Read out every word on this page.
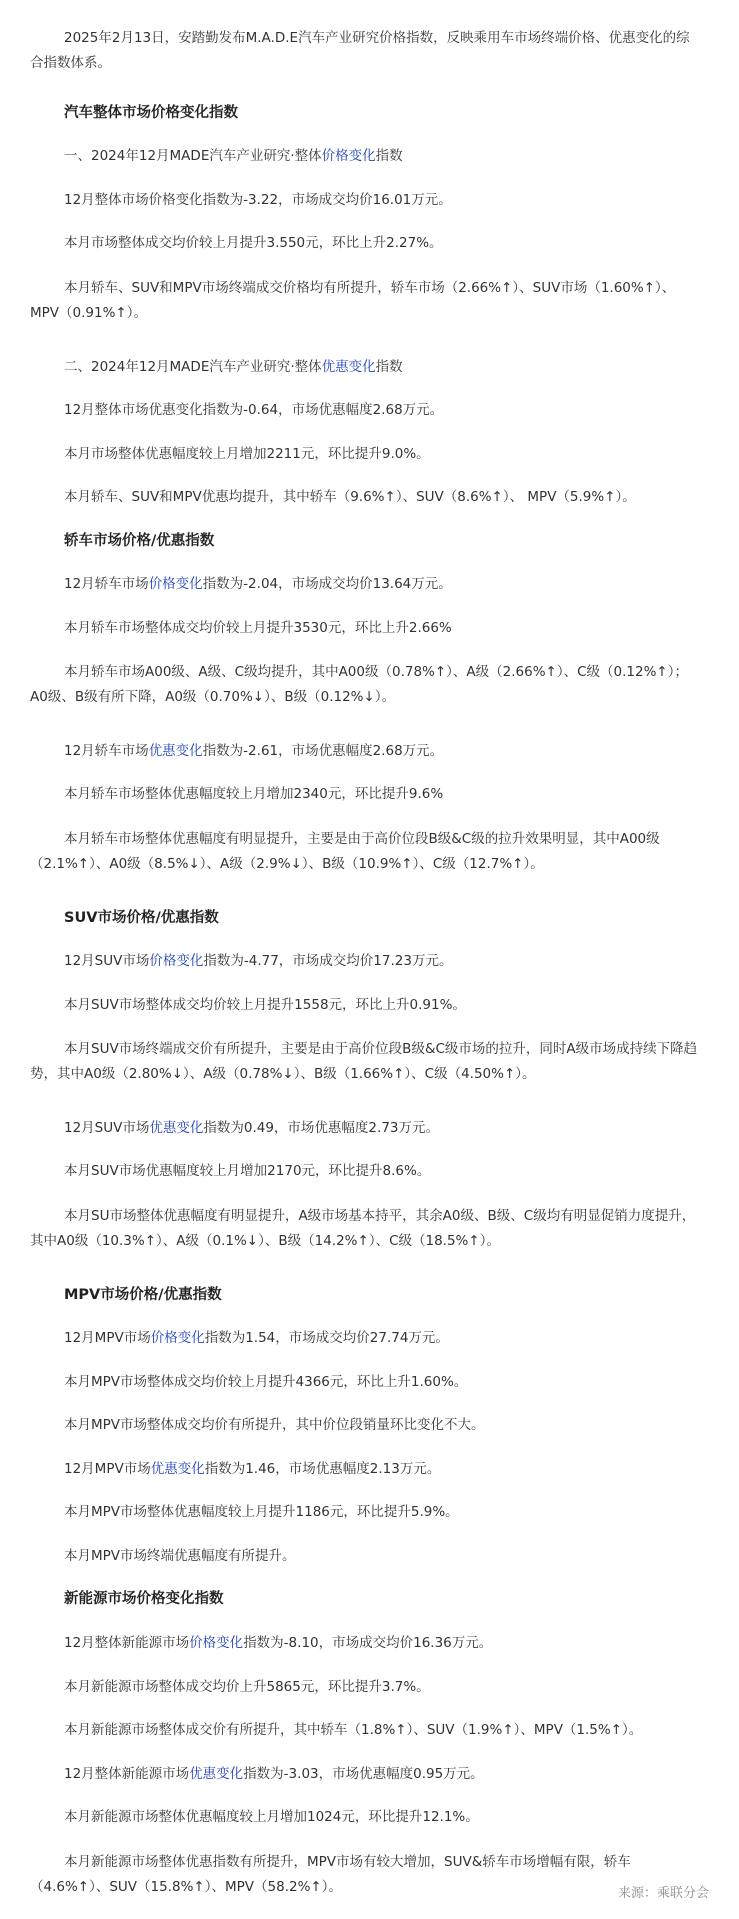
2025年2月13日，安踏勤发布M.A.D.E汽车产业研究价格指数，反映乘用车市场终端价格、优惠变化的综合指数体系。

汽车整体市场价格变化指数

一、2024年12月MADE汽车产业研究·整体价格变化指数

12月整体市场价格变化指数为-3.22，市场成交均价16.01万元。

本月市场整体成交均价较上月提升3.550元，环比上升2.27%。

本月轿车、SUV和MPV市场终端成交价格均有所提升，轿车市场（2.66%↑）、SUV市场（1.60%↑）、MPV（0.91%↑）。

二、2024年12月MADE汽车产业研究·整体优惠变化指数

12月整体市场优惠变化指数为-0.64，市场优惠幅度2.68万元。

本月市场整体优惠幅度较上月增加2211元，环比提升9.0%。

本月轿车、SUV和MPV优惠均提升，其中轿车（9.6%↑）、SUV（8.6%↑）、 MPV（5.9%↑）。

轿车市场价格/优惠指数

12月轿车市场价格变化指数为-2.04，市场成交均价13.64万元。

本月轿车市场整体成交均价较上月提升3530元，环比上升2.66%

本月轿车市场A00级、A级、C级均提升，其中A00级（0.78%↑）、A级（2.66%↑）、C级（0.12%↑）；A0级、B级有所下降，A0级（0.70%↓）、B级（0.12%↓）。

12月轿车市场优惠变化指数为-2.61，市场优惠幅度2.68万元。

本月轿车市场整体优惠幅度较上月增加2340元，环比提升9.6%

本月轿车市场整体优惠幅度有明显提升，主要是由于高价位段B级&C级的拉升效果明显，其中A00级（2.1%↑）、A0级（8.5%↓）、A级（2.9%↓）、B级（10.9%↑）、C级（12.7%↑）。

SUV市场价格/优惠指数

12月SUV市场价格变化指数为-4.77，市场成交均价17.23万元。

本月SUV市场整体成交均价较上月提升1558元，环比上升0.91%。

本月SUV市场终端成交价有所提升，主要是由于高价位段B级&C级市场的拉升，同时A级市场成持续下降趋势，其中A0级（2.80%↓）、A级（0.78%↓）、B级（1.66%↑）、C级（4.50%↑）。

12月SUV市场优惠变化指数为0.49，市场优惠幅度2.73万元。

本月SUV市场优惠幅度较上月增加2170元，环比提升8.6%。

本月SU市场整体优惠幅度有明显提升，A级市场基本持平，其余A0级、B级、C级均有明显促销力度提升，其中A0级（10.3%↑）、A级（0.1%↓）、B级（14.2%↑）、C级（18.5%↑）。

MPV市场价格/优惠指数

12月MPV市场价格变化指数为1.54，市场成交均价27.74万元。

本月MPV市场整体成交均价较上月提升4366元，环比上升1.60%。

本月MPV市场整体成交均价有所提升，其中价位段销量环比变化不大。

12月MPV市场优惠变化指数为1.46，市场优惠幅度2.13万元。

本月MPV市场整体优惠幅度较上月提升1186元，环比提升5.9%。

本月MPV市场终端优惠幅度有所提升。

新能源市场价格变化指数

12月整体新能源市场价格变化指数为-8.10，市场成交均价16.36万元。

本月新能源市场整体成交均价上升5865元，环比提升3.7%。

本月新能源市场整体成交价有所提升，其中轿车（1.8%↑）、SUV（1.9%↑）、MPV（1.5%↑）。

12月整体新能源市场优惠变化指数为-3.03，市场优惠幅度0.95万元。

本月新能源市场整体优惠幅度较上月增加1024元，环比提升12.1%。

本月新能源市场整体优惠指数有所提升，MPV市场有较大增加，SUV&轿车市场增幅有限，轿车（4.6%↑）、SUV（15.8%↑）、MPV（58.2%↑）。	来源：乘联分会
